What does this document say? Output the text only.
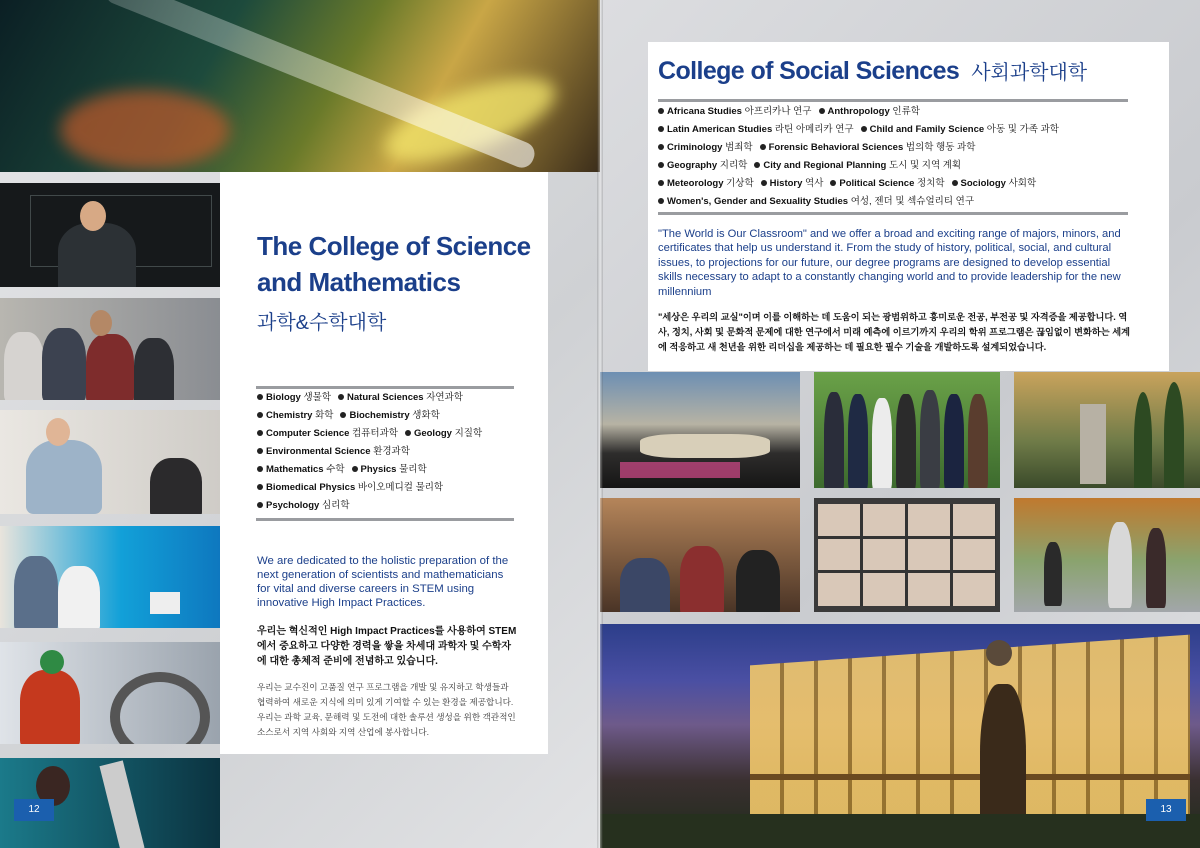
12
The College of Science and Mathematics
과학&수학대학
Biology 생물학 Natural Sciences 자연과학
Chemistry 화학 Biochemistry 생화학
Computer Science 컴퓨터과학 Geology 지질학
Environmental Science 환경과학
Mathematics 수학 Physics 물리학
Biomedical Physics 바이오메디컬 물리학
Psychology 심리학

We are dedicated to the holistic preparation of the next generation of scientists and mathematicians for vital and diverse careers in STEM using innovative High Impact Practices.

우리는 혁신적인 High Impact Practices를 사용하여 STEM에서 중요하고 다양한 경력을 쌓을 차세대 과학자 및 수학자에 대한 총체적 준비에 전념하고 있습니다.

우리는 교수진이 고품질 연구 프로그램을 개발 및 유지하고 학생들과 협력하여 새로운 지식에 의미 있게 기여할 수 있는 환경을 제공합니다. 우리는 과학 교육, 문해력 및 도전에 대한 솔루션 생성을 위한 객관적인 소스로서 지역 사회와 지역 산업에 봉사합니다.

College of Social Sciences 사회과학대학
Africana Studies 아프리카나 연구 Anthropology 인류학
Latin American Studies 라틴 아메리카 연구 Child and Family Science 아동 및 가족 과학
Criminology 범죄학 Forensic Behavioral Sciences 법의학 행동 과학
Geography 지리학 City and Regional Planning 도시 및 지역 계획
Meteorology 기상학 History 역사 Political Science 정치학 Sociology 사회학
Women's, Gender and Sexuality Studies 여성, 젠더 및 섹슈얼리티 연구

"The World is Our Classroom" and we offer a broad and exciting range of majors, minors, and certificates that help us understand it. From the study of history, political, social, and cultural issues, to projections for our future, our degree programs are designed to develop essential skills necessary to adapt to a constantly changing world and to provide leadership for the new millennium

"세상은 우리의 교실"이며 이를 이해하는 데 도움이 되는 광범위하고 흥미로운 전공, 부전공 및 자격증을 제공합니다. 역사, 정치, 사회 및 문화적 문제에 대한 연구에서 미래 예측에 이르기까지 우리의 학위 프로그램은 끊임없이 변화하는 세계에 적응하고 새 천년을 위한 리더십을 제공하는 데 필요한 필수 기술을 개발하도록 설계되었습니다.

13
